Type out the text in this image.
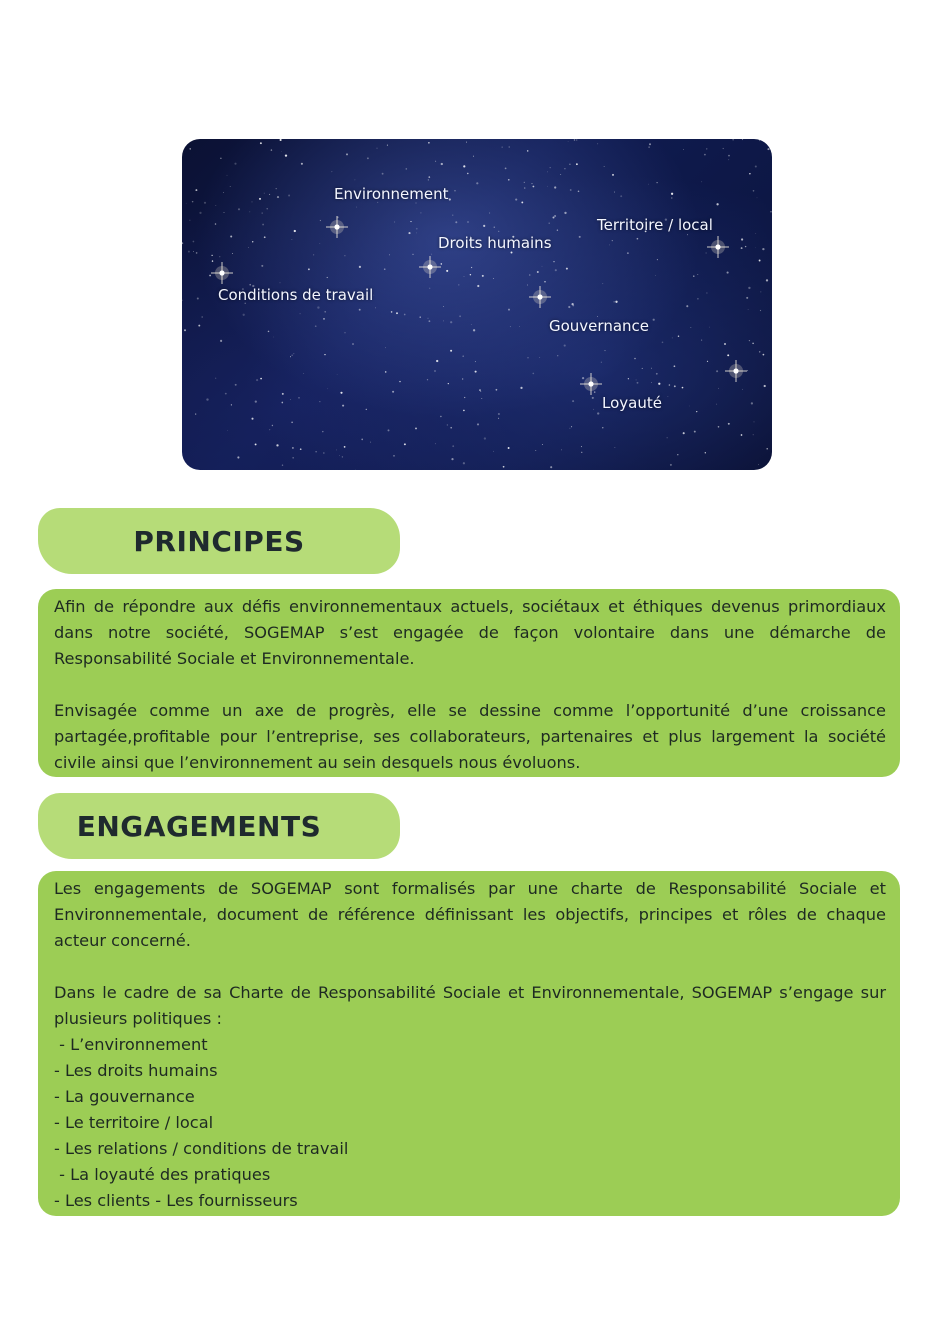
Environnement
Territoire / local
Droits humains
Conditions de travail
Gouvernance
Loyauté
PRINCIPES

Afin de répondre aux défis environnementaux actuels, sociétaux et éthiques devenus primordiaux dans notre société, SOGEMAP s’est engagée de façon volontaire dans une démarche de Responsabilité Sociale et Environnementale.

Envisagée comme un axe de progrès, elle se dessine comme l’opportunité d’une croissance partagée,profitable pour l’entreprise, ses collaborateurs, partenaires et plus largement la société civile ainsi que l’environnement au sein desquels nous évoluons.

ENGAGEMENTS

Les engagements de SOGEMAP sont formalisés par une charte de Responsabilité Sociale et Environnementale, document de référence définissant les objectifs, principes et rôles de chaque acteur concerné.

Dans le cadre de sa Charte de Responsabilité Sociale et Environnementale, SOGEMAP s’engage sur plusieurs politiques :

- L’environnement
- Les droits humains
- La gouvernance
- Le territoire / local
- Les relations / conditions de travail
- La loyauté des pratiques
- Les clients - Les fournisseurs
